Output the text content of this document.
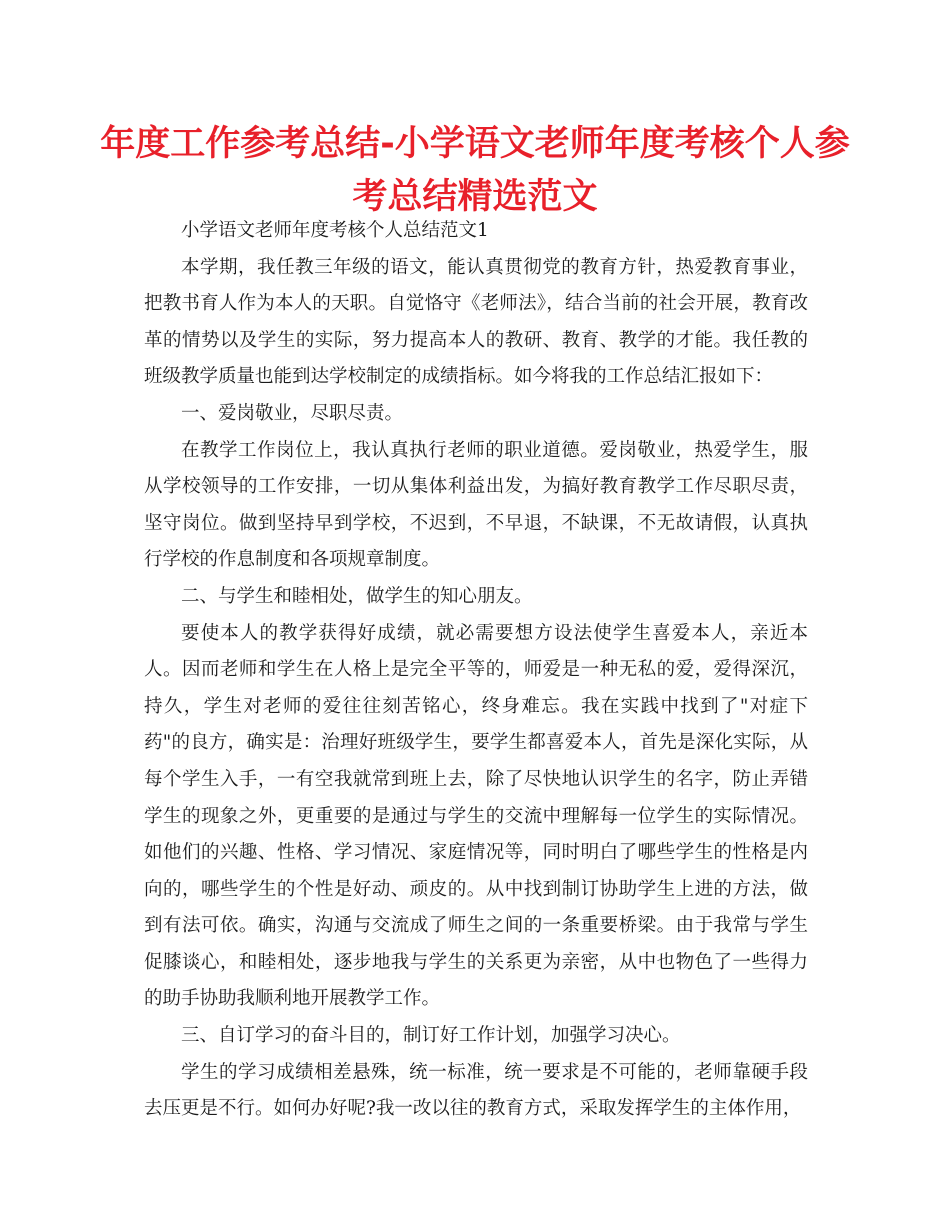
年度工作参考总结-小学语文老师年度考核个人参考总结精选范文

小学语文老师年度考核个人总结范文1

本学期，我任教三年级的语文，能认真贯彻党的教育方针，热爱教育事业，把教书育人作为本人的天职。自觉恪守《老师法》，结合当前的社会开展，教育改革的情势以及学生的实际，努力提高本人的教研、教育、教学的才能。我任教的班级教学质量也能到达学校制定的成绩指标。如今将我的工作总结汇报如下：

一、爱岗敬业，尽职尽责。

在教学工作岗位上，我认真执行老师的职业道德。爱岗敬业，热爱学生，服从学校领导的工作安排，一切从集体利益出发，为搞好教育教学工作尽职尽责，坚守岗位。做到坚持早到学校，不迟到，不早退，不缺课，不无故请假，认真执行学校的作息制度和各项规章制度。

二、与学生和睦相处，做学生的知心朋友。

要使本人的教学获得好成绩，就必需要想方设法使学生喜爱本人，亲近本人。因而老师和学生在人格上是完全平等的，师爱是一种无私的爱，爱得深沉，持久，学生对老师的爱往往刻苦铭心，终身难忘。我在实践中找到了"对症下药"的良方，确实是：治理好班级学生，要学生都喜爱本人，首先是深化实际，从每个学生入手，一有空我就常到班上去，除了尽快地认识学生的名字，防止弄错学生的现象之外，更重要的是通过与学生的交流中理解每一位学生的实际情况。如他们的兴趣、性格、学习情况、家庭情况等，同时明白了哪些学生的性格是内向的，哪些学生的个性是好动、顽皮的。从中找到制订协助学生上进的方法，做到有法可依。确实，沟通与交流成了师生之间的一条重要桥梁。由于我常与学生促膝谈心，和睦相处，逐步地我与学生的关系更为亲密，从中也物色了一些得力的助手协助我顺利地开展教学工作。

三、自订学习的奋斗目的，制订好工作计划，加强学习决心。

学生的学习成绩相差悬殊，统一标准，统一要求是不可能的，老师靠硬手段去压更是不行。如何办好呢?我一改以往的教育方式，采取发挥学生的主体作用，
